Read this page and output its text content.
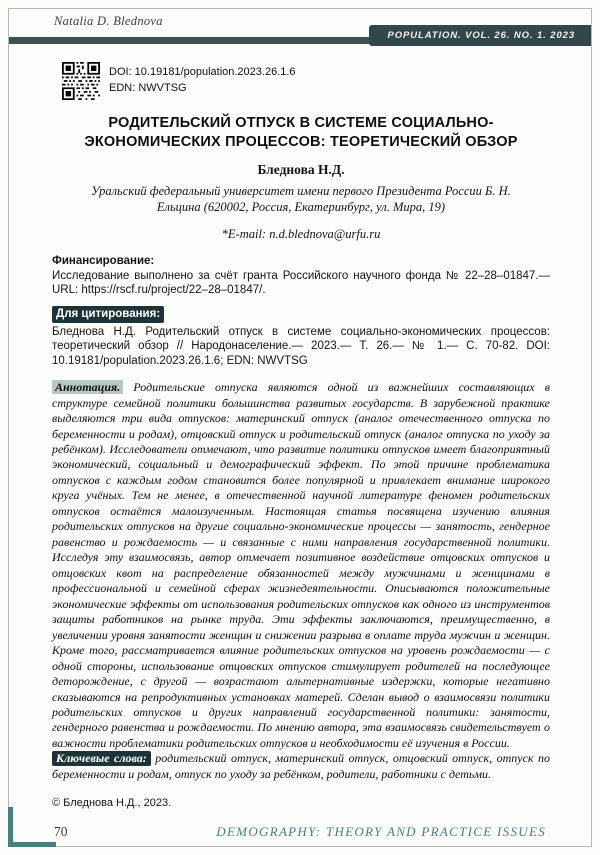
Natalia D. Blednova
POPULATION. VOL. 26. NO. 1. 2023
DOI: 10.19181/population.2023.26.1.6
EDN: NWVTSG
РОДИТЕЛЬСКИЙ ОТПУСК В СИСТЕМЕ СОЦИАЛЬНО-ЭКОНОМИЧЕСКИХ ПРОЦЕССОВ: ТЕОРЕТИЧЕСКИЙ ОБЗОР
Бледнова Н.Д.
Уральский федеральный университет имени первого Президента России Б. Н. Ельцина (620002, Россия, Екатеринбург, ул. Мира, 19)
*E-mail: n.d.blednova@urfu.ru
Финансирование:
Исследование выполнено за счёт гранта Российского научного фонда № 22–28–01847.— URL: https://rscf.ru/project/22–28–01847/.
Для цитирования:
Бледнова Н.Д. Родительский отпуск в системе социально-экономических процессов: теоретический обзор // Народонаселение.— 2023.— Т. 26.— № 1.— С. 70-82. DOI: 10.19181/population.2023.26.1.6; EDN: NWVTSG

Аннотация. Родительские отпуска являются одной из важнейших составляющих в структуре семейной политики большинства развитых государств. В зарубежной практике выделяются три вида отпусков: материнский отпуск (аналог отечественного отпуска по беременности и родам), отцовский отпуск и родительский отпуск (аналог отпуска по уходу за ребёнком). Исследователи отмечают, что развитие политики отпусков имеет благоприятный экономический, социальный и демографический эффект. По этой причине проблематика отпусков с каждым годом становится более популярной и привлекает внимание широкого круга учёных. Тем не менее, в отечественной научной литературе феномен родительских отпусков остаётся малоизученным. Настоящая статья посвящена изучению влияния родительских отпусков на другие социально-экономические процессы — занятость, гендерное равенство и рождаемость — и связанные с ними направления государственной политики. Исследуя эту взаимосвязь, автор отмечает позитивное воздействие отцовских отпусков и отцовских квот на распределение обязанностей между мужчинами и женщинами в профессиональной и семейной сферах жизнедеятельности. Описываются положительные экономические эффекты от использования родительских отпусков как одного из инструментов защиты работников на рынке труда. Эти эффекты заключаются, преимущественно, в увеличении уровня занятости женщин и снижении разрыва в оплате труда мужчин и женщин. Кроме того, рассматривается влияние родительских отпусков на уровень рождаемости — с одной стороны, использование отцовских отпусков стимулирует родителей на последующее деторождение, с другой — возрастают альтернативные издержки, которые негативно сказываются на репродуктивных установках матерей. Сделан вывод о взаимосвязи политики родительских отпусков и других направлений государственной политики: занятости, гендерного равенства и рождаемости. По мнению автора, эта взаимосвязь свидетельствует о важности проблематики родительских отпусков и необходимости её изучения в России.

Ключевые слова: родительский отпуск, материнский отпуск, отцовский отпуск, отпуск по беременности и родам, отпуск по уходу за ребёнком, родители, работники с детьми.

© Бледнова Н.Д., 2023.
70	DEMOGRAPHY: THEORY AND PRACTICE ISSUES
